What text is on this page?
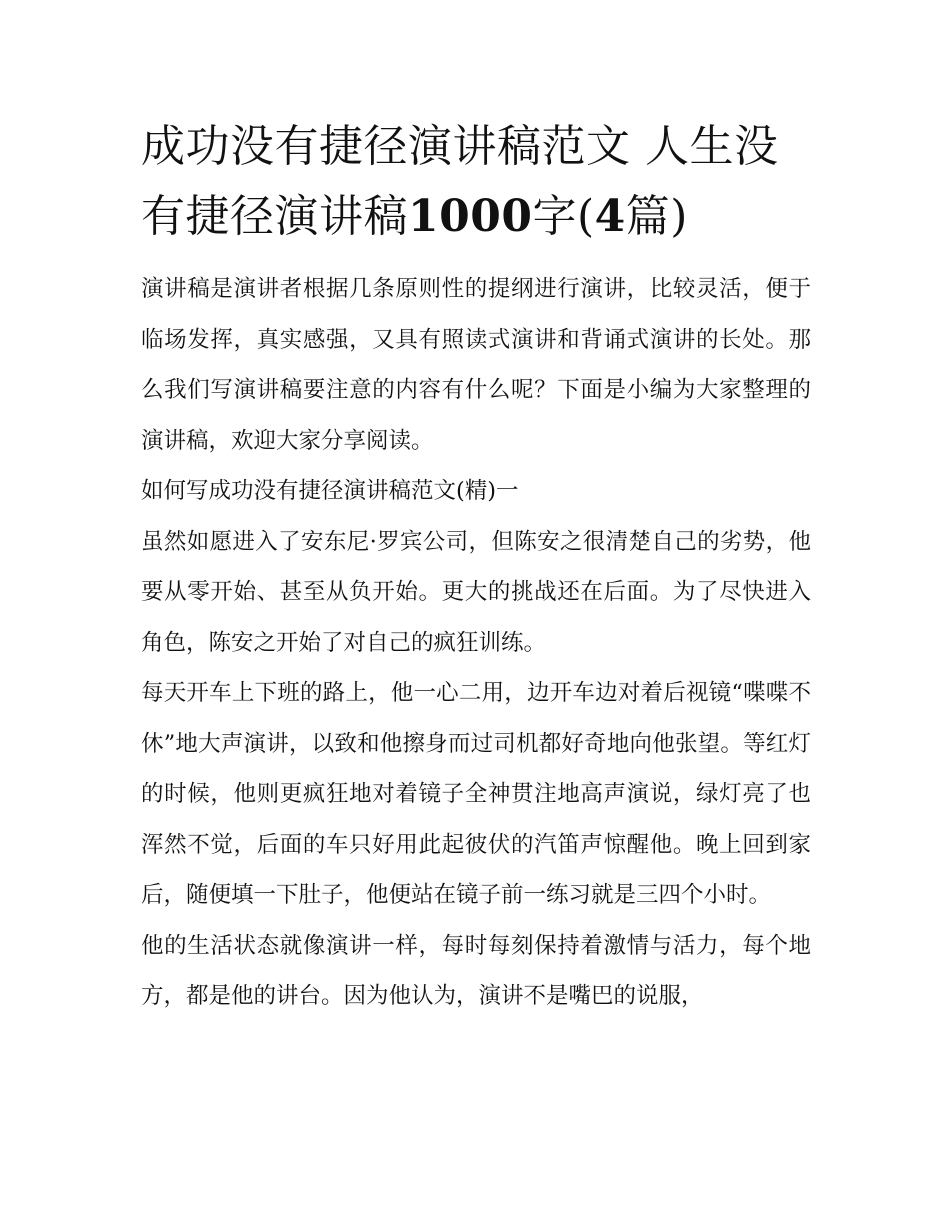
成功没有捷径演讲稿范文 人生没有捷径演讲稿1000字(4篇)

演讲稿是演讲者根据几条原则性的提纲进行演讲，比较灵活，便于临场发挥，真实感强，又具有照读式演讲和背诵式演讲的长处。那么我们写演讲稿要注意的内容有什么呢？下面是小编为大家整理的演讲稿，欢迎大家分享阅读。

如何写成功没有捷径演讲稿范文(精)一

虽然如愿进入了安东尼·罗宾公司，但陈安之很清楚自己的劣势，他要从零开始、甚至从负开始。更大的挑战还在后面。为了尽快进入角色，陈安之开始了对自己的疯狂训练。

每天开车上下班的路上，他一心二用，边开车边对着后视镜“喋喋不休”地大声演讲，以致和他擦身而过司机都好奇地向他张望。等红灯的时候，他则更疯狂地对着镜子全神贯注地高声演说，绿灯亮了也浑然不觉，后面的车只好用此起彼伏的汽笛声惊醒他。晚上回到家后，随便填一下肚子，他便站在镜子前一练习就是三四个小时。

他的生活状态就像演讲一样，每时每刻保持着激情与活力，每个地方，都是他的讲台。因为他认为，演讲不是嘴巴的说服，
